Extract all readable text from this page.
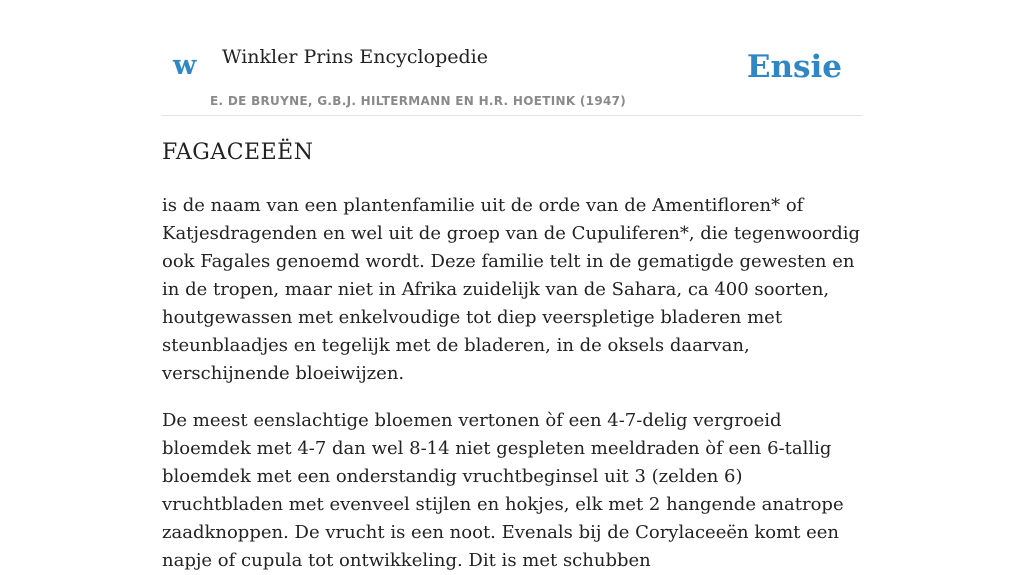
w Winkler Prins Encyclopedie
E. DE BRUYNE, G.B.J. HILTERMANN EN H.R. HOETINK (1947)
Ensie
FAGACEEËN

is de naam van een plantenfamilie uit de orde van de Amentifloren* of Katjesdragenden en wel uit de groep van de Cupuliferen*, die tegenwoordig ook Fagales genoemd wordt. Deze familie telt in de gematigde gewesten en in de tropen, maar niet in Afrika zuidelijk van de Sahara, ca 400 soorten, houtgewassen met enkelvoudige tot diep veerspletige bladeren met steunblaadjes en tegelijk met de bladeren, in de oksels daarvan, verschijnende bloeiwijzen.

De meest eenslachtige bloemen vertonen òf een 4-7-delig vergroeid bloemdek met 4-7 dan wel 8-14 niet gespleten meeldraden òf een 6-tallig bloemdek met een onderstandig vruchtbeginsel uit 3 (zelden 6) vruchtbladen met evenveel stijlen en hokjes, elk met 2 hangende anatrope zaadknoppen. De vrucht is een noot. Evenals bij de Corylaceeën komt een napje of cupula tot ontwikkeling. Dit is met schubben
